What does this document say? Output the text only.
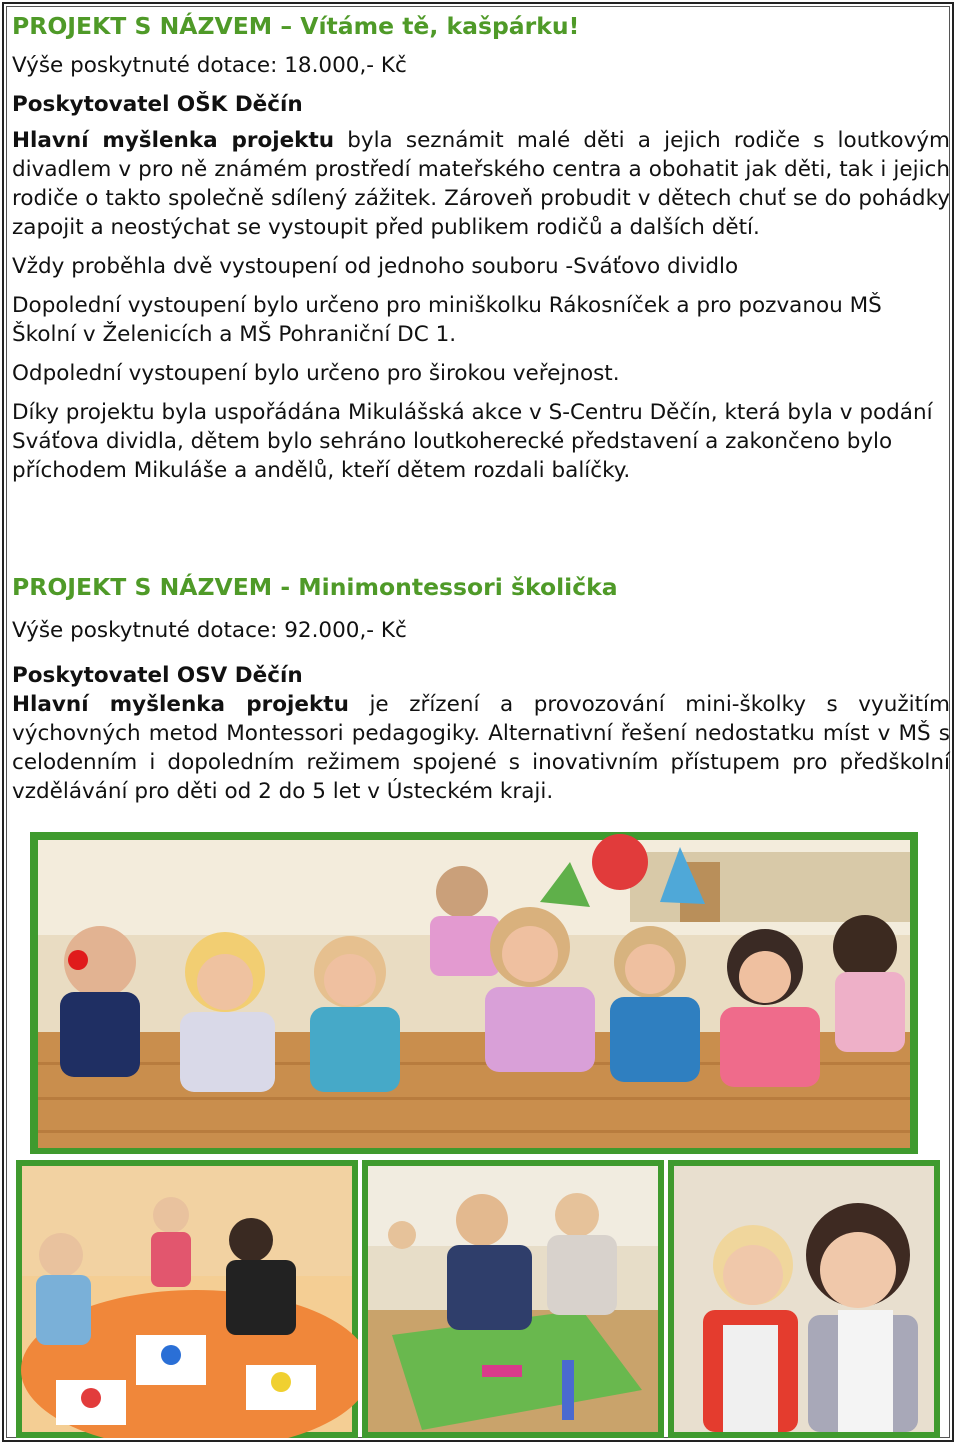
PROJEKT S NÁZVEM – Vítáme tě, kašpárku!

Výše poskytnuté dotace: 18.000,- Kč

Poskytovatel OŠK Děčín

Hlavní myšlenka projektu byla seznámit malé děti a jejich rodiče s loutkovým divadlem v pro ně známém prostředí mateřského centra a obohatit jak děti, tak i jejich rodiče o takto společně sdílený zážitek. Zároveň probudit v dětech chuť se do pohádky zapojit a neostýchat se vystoupit před publikem rodičů a dalších dětí.

Vždy proběhla dvě vystoupení od jednoho souboru -Sváťovo dividlo

Dopolední vystoupení bylo určeno pro miniškolku Rákosníček a pro pozvanou MŠ Školní v Želenicích a MŠ Pohraniční DC 1.

Odpolední vystoupení bylo určeno pro širokou veřejnost.

Díky projektu byla uspořádána Mikulášská akce v S-Centru Děčín, která byla v podání Sváťova dividla, dětem bylo sehráno loutkoherecké představení a zakončeno bylo příchodem Mikuláše a andělů, kteří dětem rozdali balíčky.

PROJEKT S NÁZVEM - Minimontessori školička

Výše poskytnuté dotace: 92.000,- Kč

Poskytovatel OSV Děčín

Hlavní myšlenka projektu je zřízení a provozování mini-školky s využitím výchovných metod Montessori pedagogiky. Alternativní řešení nedostatku míst v MŠ s celodenním i dopoledním režimem spojené s inovativním přístupem pro předškolní vzdělávání pro děti od 2 do 5 let v Ústeckém kraji.
